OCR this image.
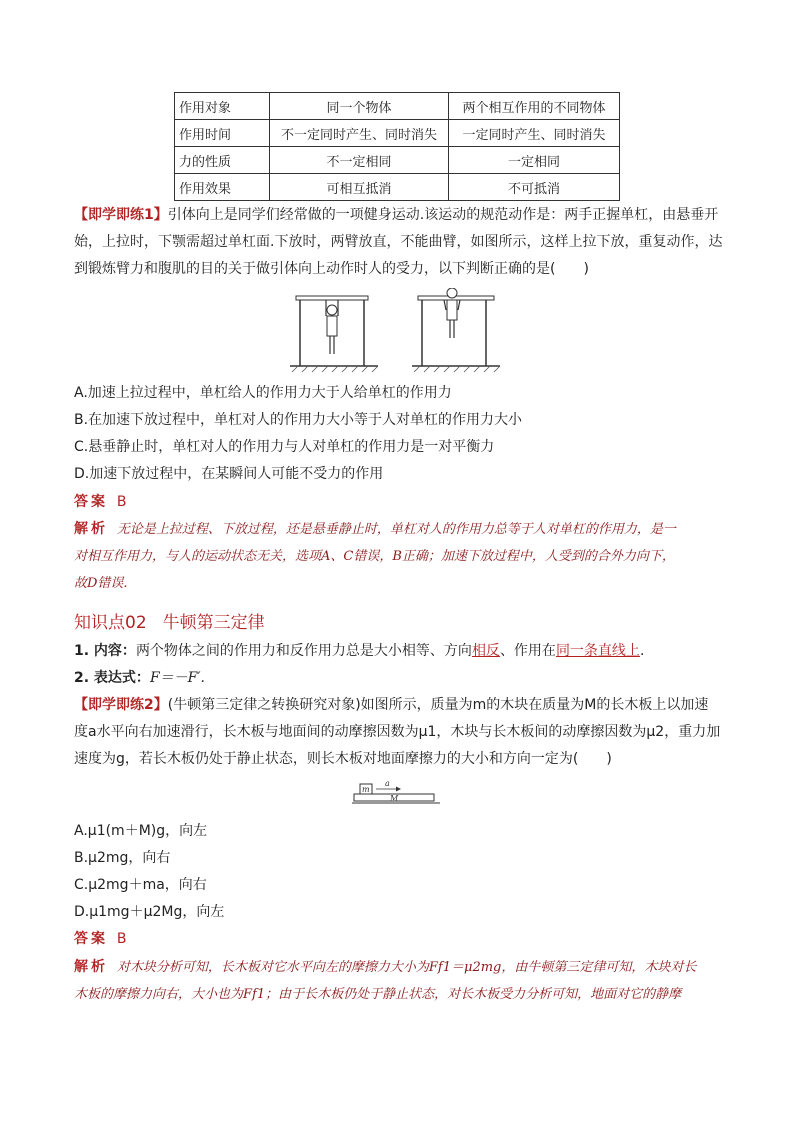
作用对象	同一个物体	两个相互作用的不同物体
作用时间	不一定同时产生、同时消失	一定同时产生、同时消失
力的性质	不一定相同	一定相同
作用效果	可相互抵消	不可抵消
【即学即练1】引体向上是同学们经常做的一项健身运动.该运动的规范动作是：两手正握单杠，由悬垂开
始，上拉时，下颚需超过单杠面.下放时，两臂放直，不能曲臂，如图所示，这样上拉下放，重复动作，达
到锻炼臂力和腹肌的目的关于做引体向上动作时人的受力，以下判断正确的是(　　)
A.加速上拉过程中，单杠给人的作用力大于人给单杠的作用力
B.在加速下放过程中，单杠对人的作用力大小等于人对单杠的作用力大小
C.悬垂静止时，单杠对人的作用力与人对单杠的作用力是一对平衡力
D.加速下放过程中，在某瞬间人可能不受力的作用
答案 B
解析 无论是上拉过程、下放过程，还是悬垂静止时，单杠对人的作用力总等于人对单杠的作用力，是一
对相互作用力，与人的运动状态无关，选项A、C错误，B正确；加速下放过程中，人受到的合外力向下，
故D错误.
知识点02 牛顿第三定律
1. 内容：两个物体之间的作用力和反作用力总是大小相等、方向相反、作用在同一条直线上.
2. 表达式：F＝－F′.
【即学即练2】(牛顿第三定律之转换研究对象)如图所示，质量为m的木块在质量为M的长木板上以加速
度a水平向右加速滑行，长木板与地面间的动摩擦因数为μ1，木块与长木板间的动摩擦因数为μ2，重力加
速度为g，若长木板仍处于静止状态，则长木板对地面摩擦力的大小和方向一定为(　　)
m
a
M
A.μ1(m＋M)g，向左
B.μ2mg，向右
C.μ2mg＋ma，向右
D.μ1mg＋μ2Mg，向左
答案 B
解析 对木块分析可知，长木板对它水平向左的摩擦力大小为Ff1＝μ2mg，由牛顿第三定律可知，木块对长
木板的摩擦力向右，大小也为Ff1；由于长木板仍处于静止状态，对长木板受力分析可知，地面对它的静摩
